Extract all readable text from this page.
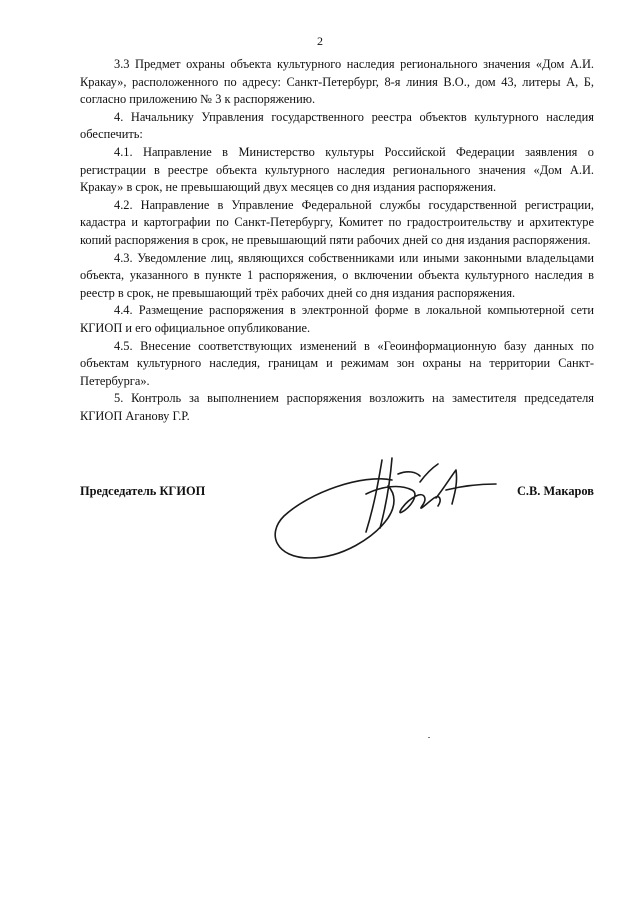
2

3.3 Предмет охраны объекта культурного наследия регионального значения «Дом А.И. Кракау», расположенного по адресу: Санкт-Петербург, 8-я линия В.О., дом 43, литеры А, Б, согласно приложению № 3 к распоряжению.

4. Начальнику Управления государственного реестра объектов культурного наследия обеспечить:

4.1. Направление в Министерство культуры Российской Федерации заявления о регистрации в реестре объекта культурного наследия регионального значения «Дом А.И. Кракау» в срок, не превышающий двух месяцев со дня издания распоряжения.

4.2. Направление в Управление Федеральной службы государственной регистрации, кадастра и картографии по Санкт-Петербургу, Комитет по градостроительству и архитектуре копий распоряжения в срок, не превышающий пяти рабочих дней со дня издания распоряжения.

4.3. Уведомление лиц, являющихся собственниками или иными законными владельцами объекта, указанного в пункте 1 распоряжения, о включении объекта культурного наследия в реестр в срок, не превышающий трёх рабочих дней со дня издания распоряжения.

4.4. Размещение распоряжения в электронной форме в локальной компьютерной сети КГИОП и его официальное опубликование.

4.5. Внесение соответствующих изменений в «Геоинформационную базу данных по объектам культурного наследия, границам и режимам зон охраны на территории Санкт-Петербурга».

5. Контроль за выполнением распоряжения возложить на заместителя председателя КГИОП Аганову Г.Р.

Председатель КГИОП	С.В. Макаров
